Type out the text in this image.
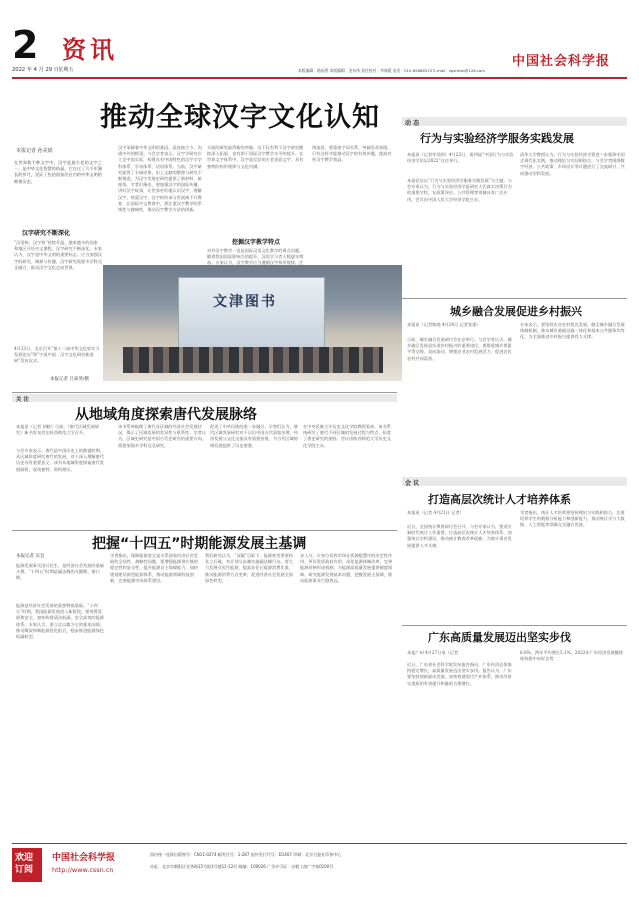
2 资讯
2022 年 4 月 29 日 星期五
中国社会科学报
本版编辑：路园香 本版编辑：金东伟 责任校对：李瑞霞 电话：010-85886515 E-mail：zgshkxb@126.com
推动全球汉字文化认知
本报记者 孙美娟
在世界数千种文字中，汉字是最古老的文字之一，是中华文化智慧的结晶。它在过了几千年漫长的岁月，见证了包括国家层在内的中华文明的辉煌历史。
汉字研究不断深化
“汉语热、汉字热”持续升温，越来越多的国家和地区开设中文课程，汉字研究不断深化。专家认为，汉字是中华文明的重要标志，应当加强汉字的研究、阐释与传播。汉字研究需要多学科交叉融合，推动汉字文化走向世界。
汉字承载着中华文明的基因，是连接古今、沟通中外的桥梁。与会学者表示，汉字学研究应立足中国实际，构建具有中国特色的汉字学学科体系、学术体系、话语体系。当前，汉字研究取得了丰硕成果，出土文献的整理与研究不断推进，为汉字发展史研究提供了新材料、新视角。学者们指出，要加强汉字的国际传播，讲好汉字故事，让世界更好地认识汉字、理解汉字、热爱汉字。汉字的传承与发展离不开教育，在国际中文教育中，要注重汉字教学的系统性与趣味性，推动汉字教学方法的创新。
方面的研究取得新的突破。这不仅有利于汉字研究继续深入拓展，也有助于国际汉字教学水平的提升。在世界文字体系中，汉字是仅存的古老表意文字，具有独特的构形规律与文化内涵。
挖掘汉字教学特点
对外汉字教学一直是国际汉语文化教学的难点问题。随着我国国际影响力的提升，汉语学习者人数逐年增加。专家认为，汉字教学应当遵循汉字构形规律，注
周笛渲，要重视字词关系，突破语音界限。只有这样才能推动汉字的有效传播，提高对外汉字教学效益。
文津图书
4月23日，北京召开“第十二届中华文化软实力发展论坛”和“字说中国：汉字文化研究新进展”发布仪式。
本报记者 吕家英/摄
动 态
行为与实验经济学服务实践发展
本报讯（记者毕昊明）4月23日，第四届“中国行为与实验经济学论坛2022”在京举行。
本届论坛以“行为与实验经济学服务实践发展”为主题。与会专家认为，行为与实验经济学是研究人们真实决策行为的重要学科，在政策评估、公共管理等领域具有广泛应用。会议由中国人民大学经济学院主办。
清华大学教授认为，行为与实验经济学要进一步服务中国式现代化实践，推动理论与实际相结合。与会学者围绕数字经济、公共政策、市场设计等议题进行了交流研讨，共同推动学科发展。
城乡融合发展促进乡村振兴
本报讯（记者陈晓 4月24日 记者张强）
日前，城乡融合发展研讨会在京举行。与会学者认为，城乡融合发展是实现乡村振兴的重要途径，要推进城乡要素平等交换、双向流动，增强农业农村发展活力，促进农民农村共同富裕。
专家表示，要坚持农业农村优先发展，健全城乡融合发展体制机制，推动城乡基础设施一体化和基本公共服务均等化，为全面推进乡村振兴提供有力支撑。
会 议
打造高层次统计人才培养体系
本报讯（记者 4月21日 记者）
近日，全国统计教育研讨会召开。与会专家认为，要适应新时代统计工作需要，打造高层次统计人才培养体系，加强统计学科建设，推动统计教育改革创新，为统计事业发展提供人才支撑。
学者指出，统计人才培养要坚持理论与实践相结合，注重培养学生的数据分析能力和创新能力，推动统计学与大数据、人工智能等领域交叉融合发展。
广东高质量发展迈出坚实步伐
本报广州 4月27日电（记者
近日，广东省社会科学院发布报告指出，广东经济总体保持稳定增长，高质量发展迈出坚实步伐。报告认为，广东要坚持创新驱动发展，加快构建现代产业体系，推动经济实现质的有效提升和量的合理增长。
6.8%，两年平均增长5.1%。2022年广东经济发展继续保持稳中向好态势
关 注
从地域角度探索唐代发展脉络
本报讯（记者 胡晓）日前，《唐代区域发展研究》新书发布会在陕西师范大学召开。
与会专家表示，唐代是中国历史上的鼎盛时期，从区域角度研究唐代的发展，对于深入理解唐代历史具有重要意义。该书从地域角度探索唐代发展脉络，视角独特，资料翔实。
该书系统梳理了唐代各区域的经济社会发展状况，揭示了区域发展的差异性与联系性。学者认为，区域史研究是中国古代史研究的重要方向，需要加强多学科交叉研究。
促进了中华民族的进一步融合。学者们认为，唐代区域发展研究对于认识中国古代国家治理、经济发展与文化交流具有重要价值，为当代区域协调发展提供了历史借鉴。
在中央民族大学历史文化学院教授看来，该书系统研究了唐代不同区域的发展过程与特点，拓宽了唐史研究的视野。会议由陕西师范大学历史文化学院主办。
把握“十四五”时期能源发展主基调
本报记者 吴宜
能源发展事关国计民生，是经济社会发展的基础支撑。“十四五”时期是碳达峰的关键期、窗口期。
能源是经济社会发展的重要物质基础。“十四五”时期，我国能源发展进入新阶段，要统筹发展和安全，加快构建清洁低碳、安全高效的能源体系。专家认为，要立足以煤为主的基本国情，推动煤炭和新能源优化组合，稳步推进能源绿色低碳转型。
学者指出，保障能源安全是关系国家经济社会发展的全局性、战略性问题。要增强能源供应链的稳定性和安全性，提升能源自主保障能力，加快规划建设新型能源体系，推动能源领域科技创新，完善能源市场体系建设。
我们研究认为，“双碳”目标下，能源转型要坚持先立后破，有计划分步骤实施碳达峰行动。要大力发展可再生能源，提高非化石能源消费比重，推动能源消费方式变革，促进经济社会发展全面绿色转型。
步入分，应充分发挥市场在资源配置中的决定性作用，更好发挥政府作用，深化能源体制改革，完善能源价格形成机制，为能源高质量发展提供制度保障。研究能源发展基本问题，把握发展主基调，推动能源事业行稳致远。
欢迎订阅
中国社会科学报
http://www.cssn.cn
国内统一连续出版物号：CN11-0274 邮发代号：1-287 国外发行代号：D1407 印刷：北京日报社印务中心
社址：北京市朝阳区光华路15号院1号楼11-12层 邮编：100026 广告许可证：京朝工商广字第0100号
